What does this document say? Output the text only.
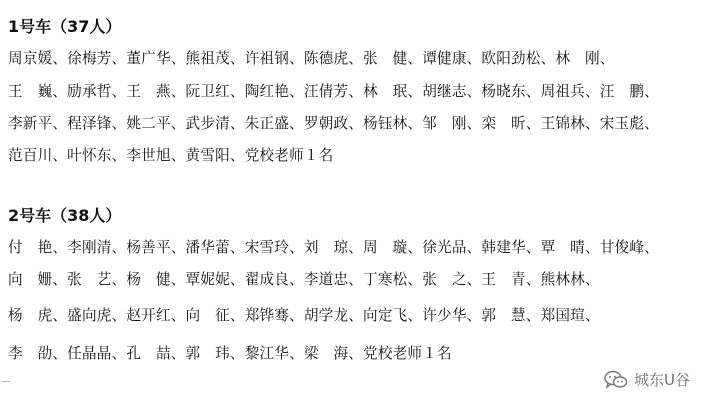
1号车（37人）
周京媛、徐梅芳、董广华、熊祖茂、许祖钢、陈德虎、张　健、谭健康、欧阳劲松、林　刚、
王　巍、励承哲、王　燕、阮卫红、陶红艳、汪倩芳、林　珉、胡继志、杨晓东、周祖兵、汪　鹏、
李新平、程泽锋、姚二平、武步清、朱正盛、罗朝政、杨钰林、邹　刚、栾　昕、王锦林、宋玉彪、
范百川、叶怀东、李世旭、黄雪阳、党校老师１名
2号车（38人）
付　艳、李刚清、杨善平、潘华蕾、宋雪玲、刘　琼、周　璇、徐光品、韩建华、覃　晴、甘俊峰、
向　姗、张　艺、杨　健、覃妮妮、翟成良、李道忠、丁寒松、张　之、王　青、熊林林、
杨　虎、盛向虎、赵开红、向　征、郑铧骞、胡学龙、向定飞、许少华、郭　慧、郑国瑄、
李　劭、任晶晶、孔　喆、郭　玮、黎江华、梁　海、党校老师１名
城东U谷
